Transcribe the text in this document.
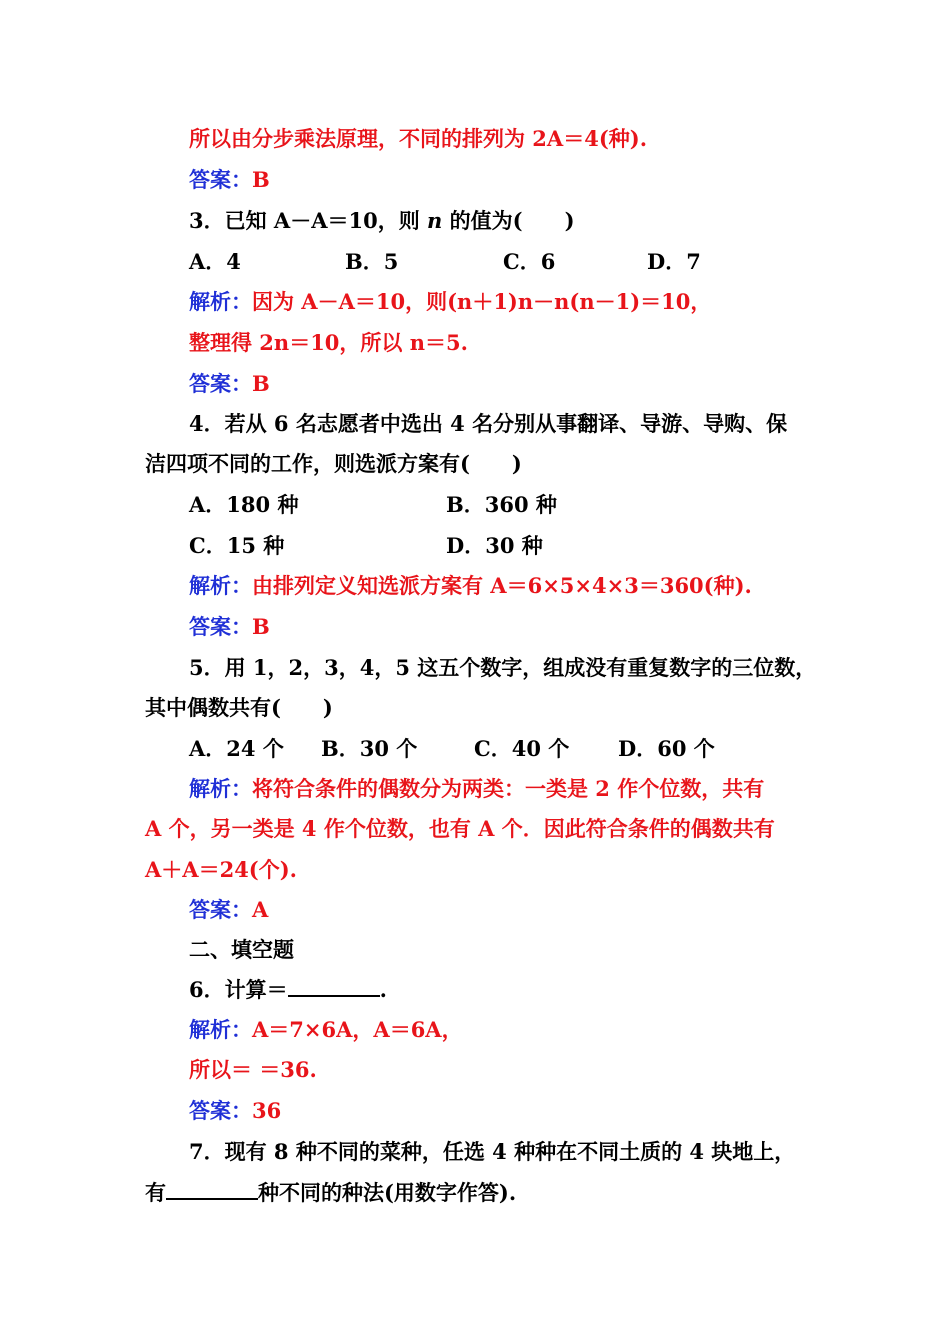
所以由分步乘法原理，不同的排列为 2A＝4(种).
答案：B
3．已知 A－A＝10，则 n 的值为(　　)
A．4	B．5	C．6	D．7
解析：因为 A－A＝10，则(n＋1)n－n(n－1)＝10，
整理得 2n＝10，所以 n＝5.
答案：B
4．若从 6 名志愿者中选出 4 名分别从事翻译、导游、导购、保
洁四项不同的工作，则选派方案有(　　)
A．180 种	B．360 种
C．15 种	D．30 种
解析：由排列定义知选派方案有 A＝6×5×4×3＝360(种).
答案：B
5．用 1，2，3，4，5 这五个数字，组成没有重复数字的三位数，
其中偶数共有(　　)
A．24 个 B．30 个	C．40 个 D．60 个
解析：将符合条件的偶数分为两类：一类是 2 作个位数，共有
A 个，另一类是 4 作个位数，也有 A 个．因此符合条件的偶数共有
A＋A＝24(个).
答案：A
二、填空题
6．计算＝	.
解析：A＝7×6A，A＝6A，
所以＝ ＝36.
答案：36
7．现有 8 种不同的菜种，任选 4 种种在不同土质的 4 块地上，
有	种不同的种法(用数字作答).
